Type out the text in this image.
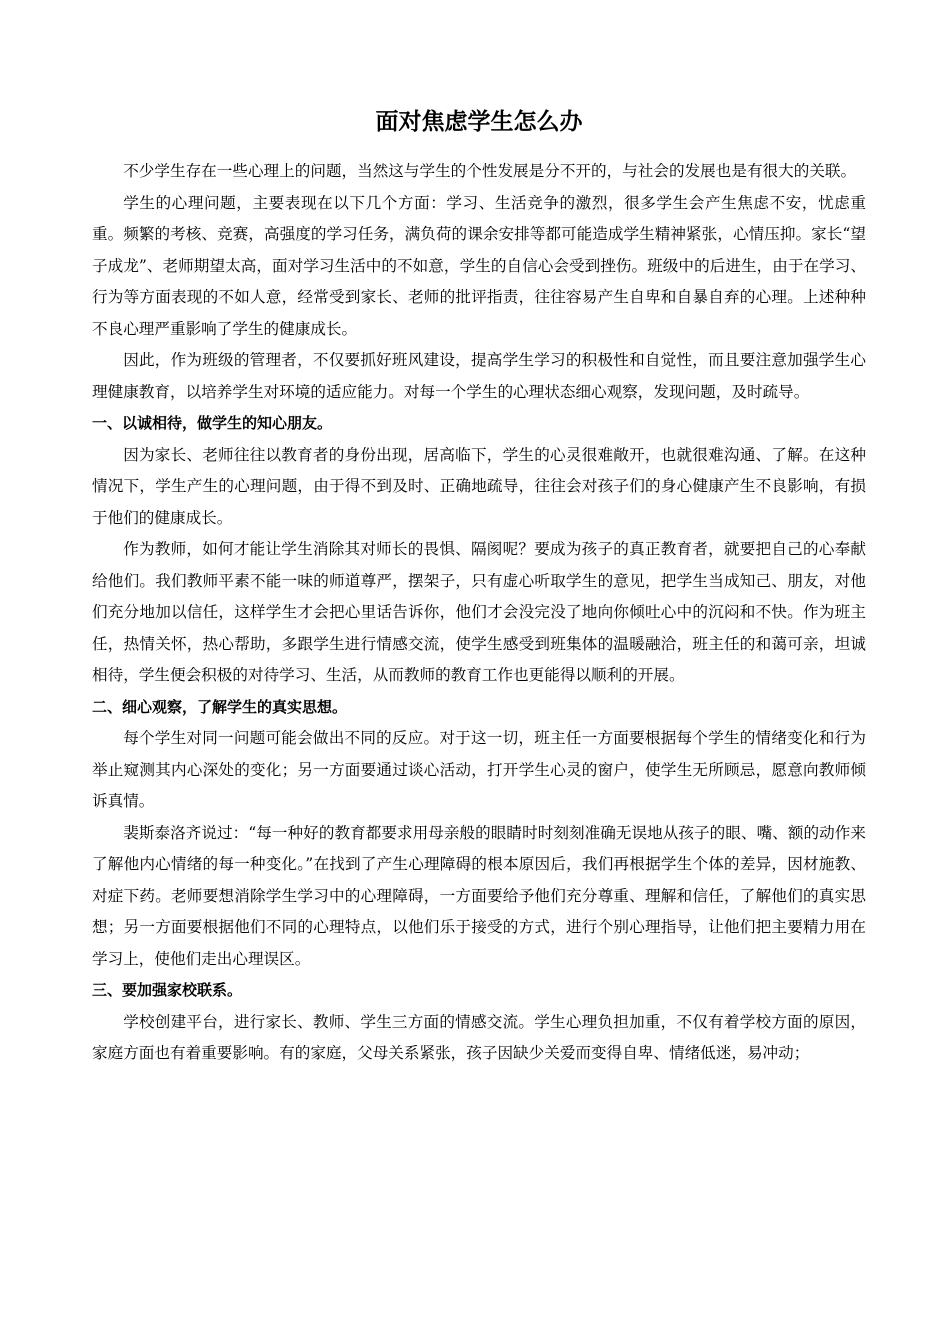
面对焦虑学生怎么办

不少学生存在一些心理上的问题，当然这与学生的个性发展是分不开的，与社会的发展也是有很大的关联。

学生的心理问题，主要表现在以下几个方面：学习、生活竞争的激烈，很多学生会产生焦虑不安，忧虑重重。频繁的考核、竞赛，高强度的学习任务，满负荷的课余安排等都可能造成学生精神紧张，心情压抑。家长“望子成龙”、老师期望太高，面对学习生活中的不如意，学生的自信心会受到挫伤。班级中的后进生，由于在学习、行为等方面表现的不如人意，经常受到家长、老师的批评指责，往往容易产生自卑和自暴自弃的心理。上述种种不良心理严重影响了学生的健康成长。

因此，作为班级的管理者，不仅要抓好班风建设，提高学生学习的积极性和自觉性，而且要注意加强学生心理健康教育，以培养学生对环境的适应能力。对每一个学生的心理状态细心观察，发现问题，及时疏导。

一、以诚相待，做学生的知心朋友。

因为家长、老师往往以教育者的身份出现，居高临下，学生的心灵很难敞开，也就很难沟通、了解。在这种情况下，学生产生的心理问题，由于得不到及时、正确地疏导，往往会对孩子们的身心健康产生不良影响，有损于他们的健康成长。

作为教师，如何才能让学生消除其对师长的畏惧、隔阂呢？要成为孩子的真正教育者，就要把自己的心奉献给他们。我们教师平素不能一味的师道尊严，摆架子，只有虚心听取学生的意见，把学生当成知己、朋友，对他们充分地加以信任，这样学生才会把心里话告诉你，他们才会没完没了地向你倾吐心中的沉闷和不快。作为班主任，热情关怀，热心帮助，多跟学生进行情感交流，使学生感受到班集体的温暖融洽，班主任的和蔼可亲，坦诚相待，学生便会积极的对待学习、生活，从而教师的教育工作也更能得以顺利的开展。

二、细心观察，了解学生的真实思想。

每个学生对同一问题可能会做出不同的反应。对于这一切，班主任一方面要根据每个学生的情绪变化和行为举止窥测其内心深处的变化；另一方面要通过谈心活动，打开学生心灵的窗户，使学生无所顾忌，愿意向教师倾诉真情。

裴斯泰洛齐说过：“每一种好的教育都要求用母亲般的眼睛时时刻刻准确无误地从孩子的眼、嘴、额的动作来了解他内心情绪的每一种变化。”在找到了产生心理障碍的根本原因后，我们再根据学生个体的差异，因材施教、对症下药。老师要想消除学生学习中的心理障碍，一方面要给予他们充分尊重、理解和信任，了解他们的真实思想；另一方面要根据他们不同的心理特点，以他们乐于接受的方式，进行个别心理指导，让他们把主要精力用在学习上，使他们走出心理误区。

三、要加强家校联系。

学校创建平台，进行家长、教师、学生三方面的情感交流。学生心理负担加重，不仅有着学校方面的原因，家庭方面也有着重要影响。有的家庭，父母关系紧张，孩子因缺少关爱而变得自卑、情绪低迷，易冲动；
